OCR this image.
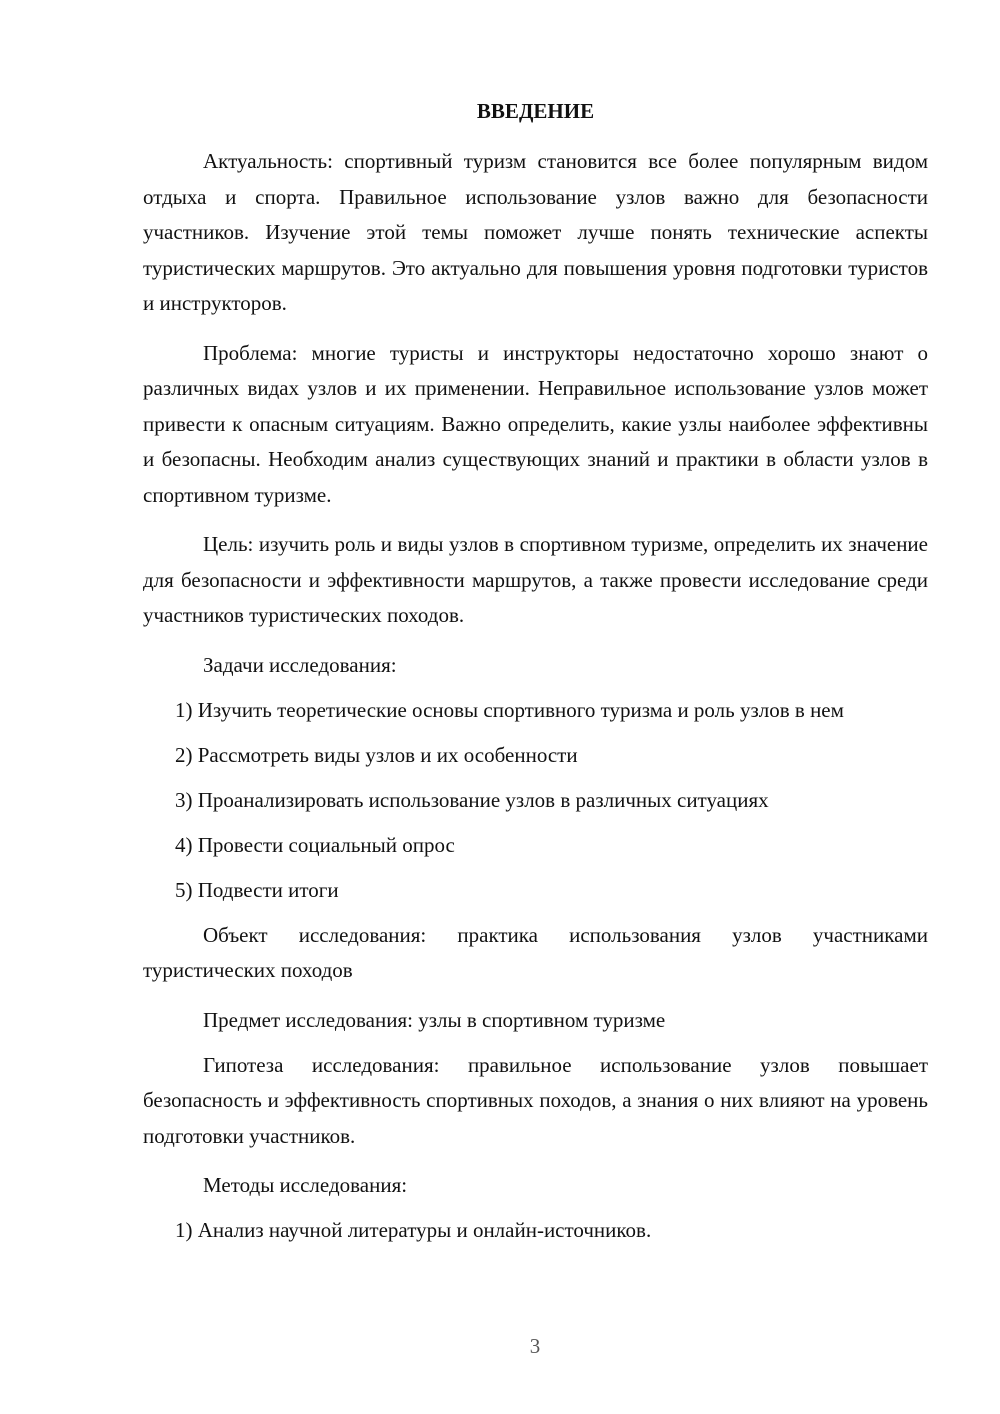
ВВЕДЕНИЕ

Актуальность: спортивный туризм становится все более популярным видом отдыха и спорта. Правильное использование узлов важно для безопасности участников. Изучение этой темы поможет лучше понять технические аспекты туристических маршрутов. Это актуально для повышения уровня подготовки туристов и инструкторов.

Проблема: многие туристы и инструкторы недостаточно хорошо знают о различных видах узлов и их применении. Неправильное использование узлов может привести к опасным ситуациям. Важно определить, какие узлы наиболее эффективны и безопасны. Необходим анализ существующих знаний и практики в области узлов в спортивном туризме.

Цель: изучить роль и виды узлов в спортивном туризме, определить их значение для безопасности и эффективности маршрутов, а также провести исследование среди участников туристических походов.

Задачи исследования:

1) Изучить теоретические основы спортивного туризма и роль узлов в нем

2) Рассмотреть виды узлов и их особенности

3) Проанализировать использование узлов в различных ситуациях

4) Провести социальный опрос

5) Подвести итоги

Объект исследования: практика использования узлов участниками туристических походов

Предмет исследования: узлы в спортивном туризме

Гипотеза исследования: правильное использование узлов повышает безопасность и эффективность спортивных походов, а знания о них влияют на уровень подготовки участников.

Методы исследования:

1) Анализ научной литературы и онлайн-источников.

3
